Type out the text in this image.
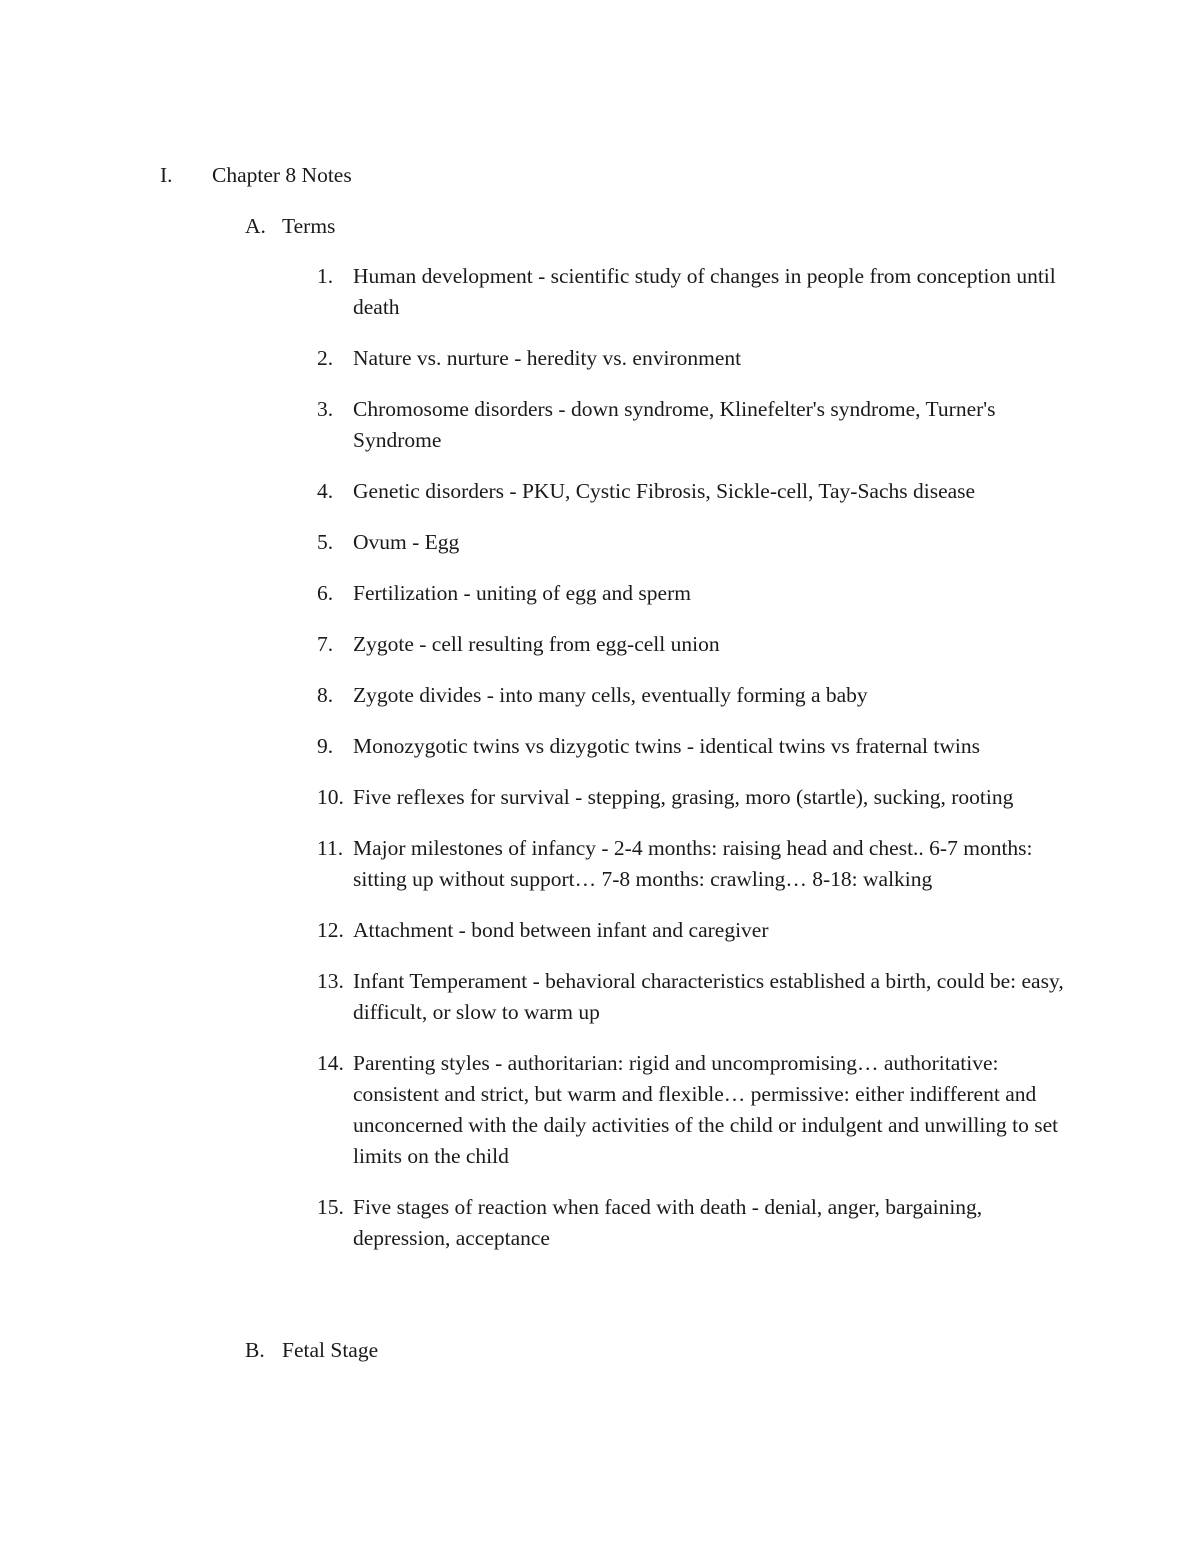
I. Chapter 8 Notes
A. Terms
1. Human development - scientific study of changes in people from conception until death
2. Nature vs. nurture - heredity vs. environment
3. Chromosome disorders - down syndrome, Klinefelter's syndrome, Turner's Syndrome
4. Genetic disorders - PKU, Cystic Fibrosis, Sickle-cell, Tay-Sachs disease
5. Ovum - Egg
6. Fertilization - uniting of egg and sperm
7. Zygote - cell resulting from egg-cell union
8. Zygote divides - into many cells, eventually forming a baby
9. Monozygotic twins vs dizygotic twins - identical twins vs fraternal twins
10. Five reflexes for survival - stepping, grasing, moro (startle), sucking, rooting
11. Major milestones of infancy - 2-4 months: raising head and chest.. 6-7 months: sitting up without support… 7-8 months: crawling… 8-18: walking
12. Attachment - bond between infant and caregiver
13. Infant Temperament - behavioral characteristics established a birth, could be: easy, difficult, or slow to warm up
14. Parenting styles - authoritarian: rigid and uncompromising… authoritative: consistent and strict, but warm and flexible… permissive: either indifferent and unconcerned with the daily activities of the child or indulgent and unwilling to set limits on the child
15. Five stages of reaction when faced with death - denial, anger, bargaining, depression, acceptance
B. Fetal Stage
